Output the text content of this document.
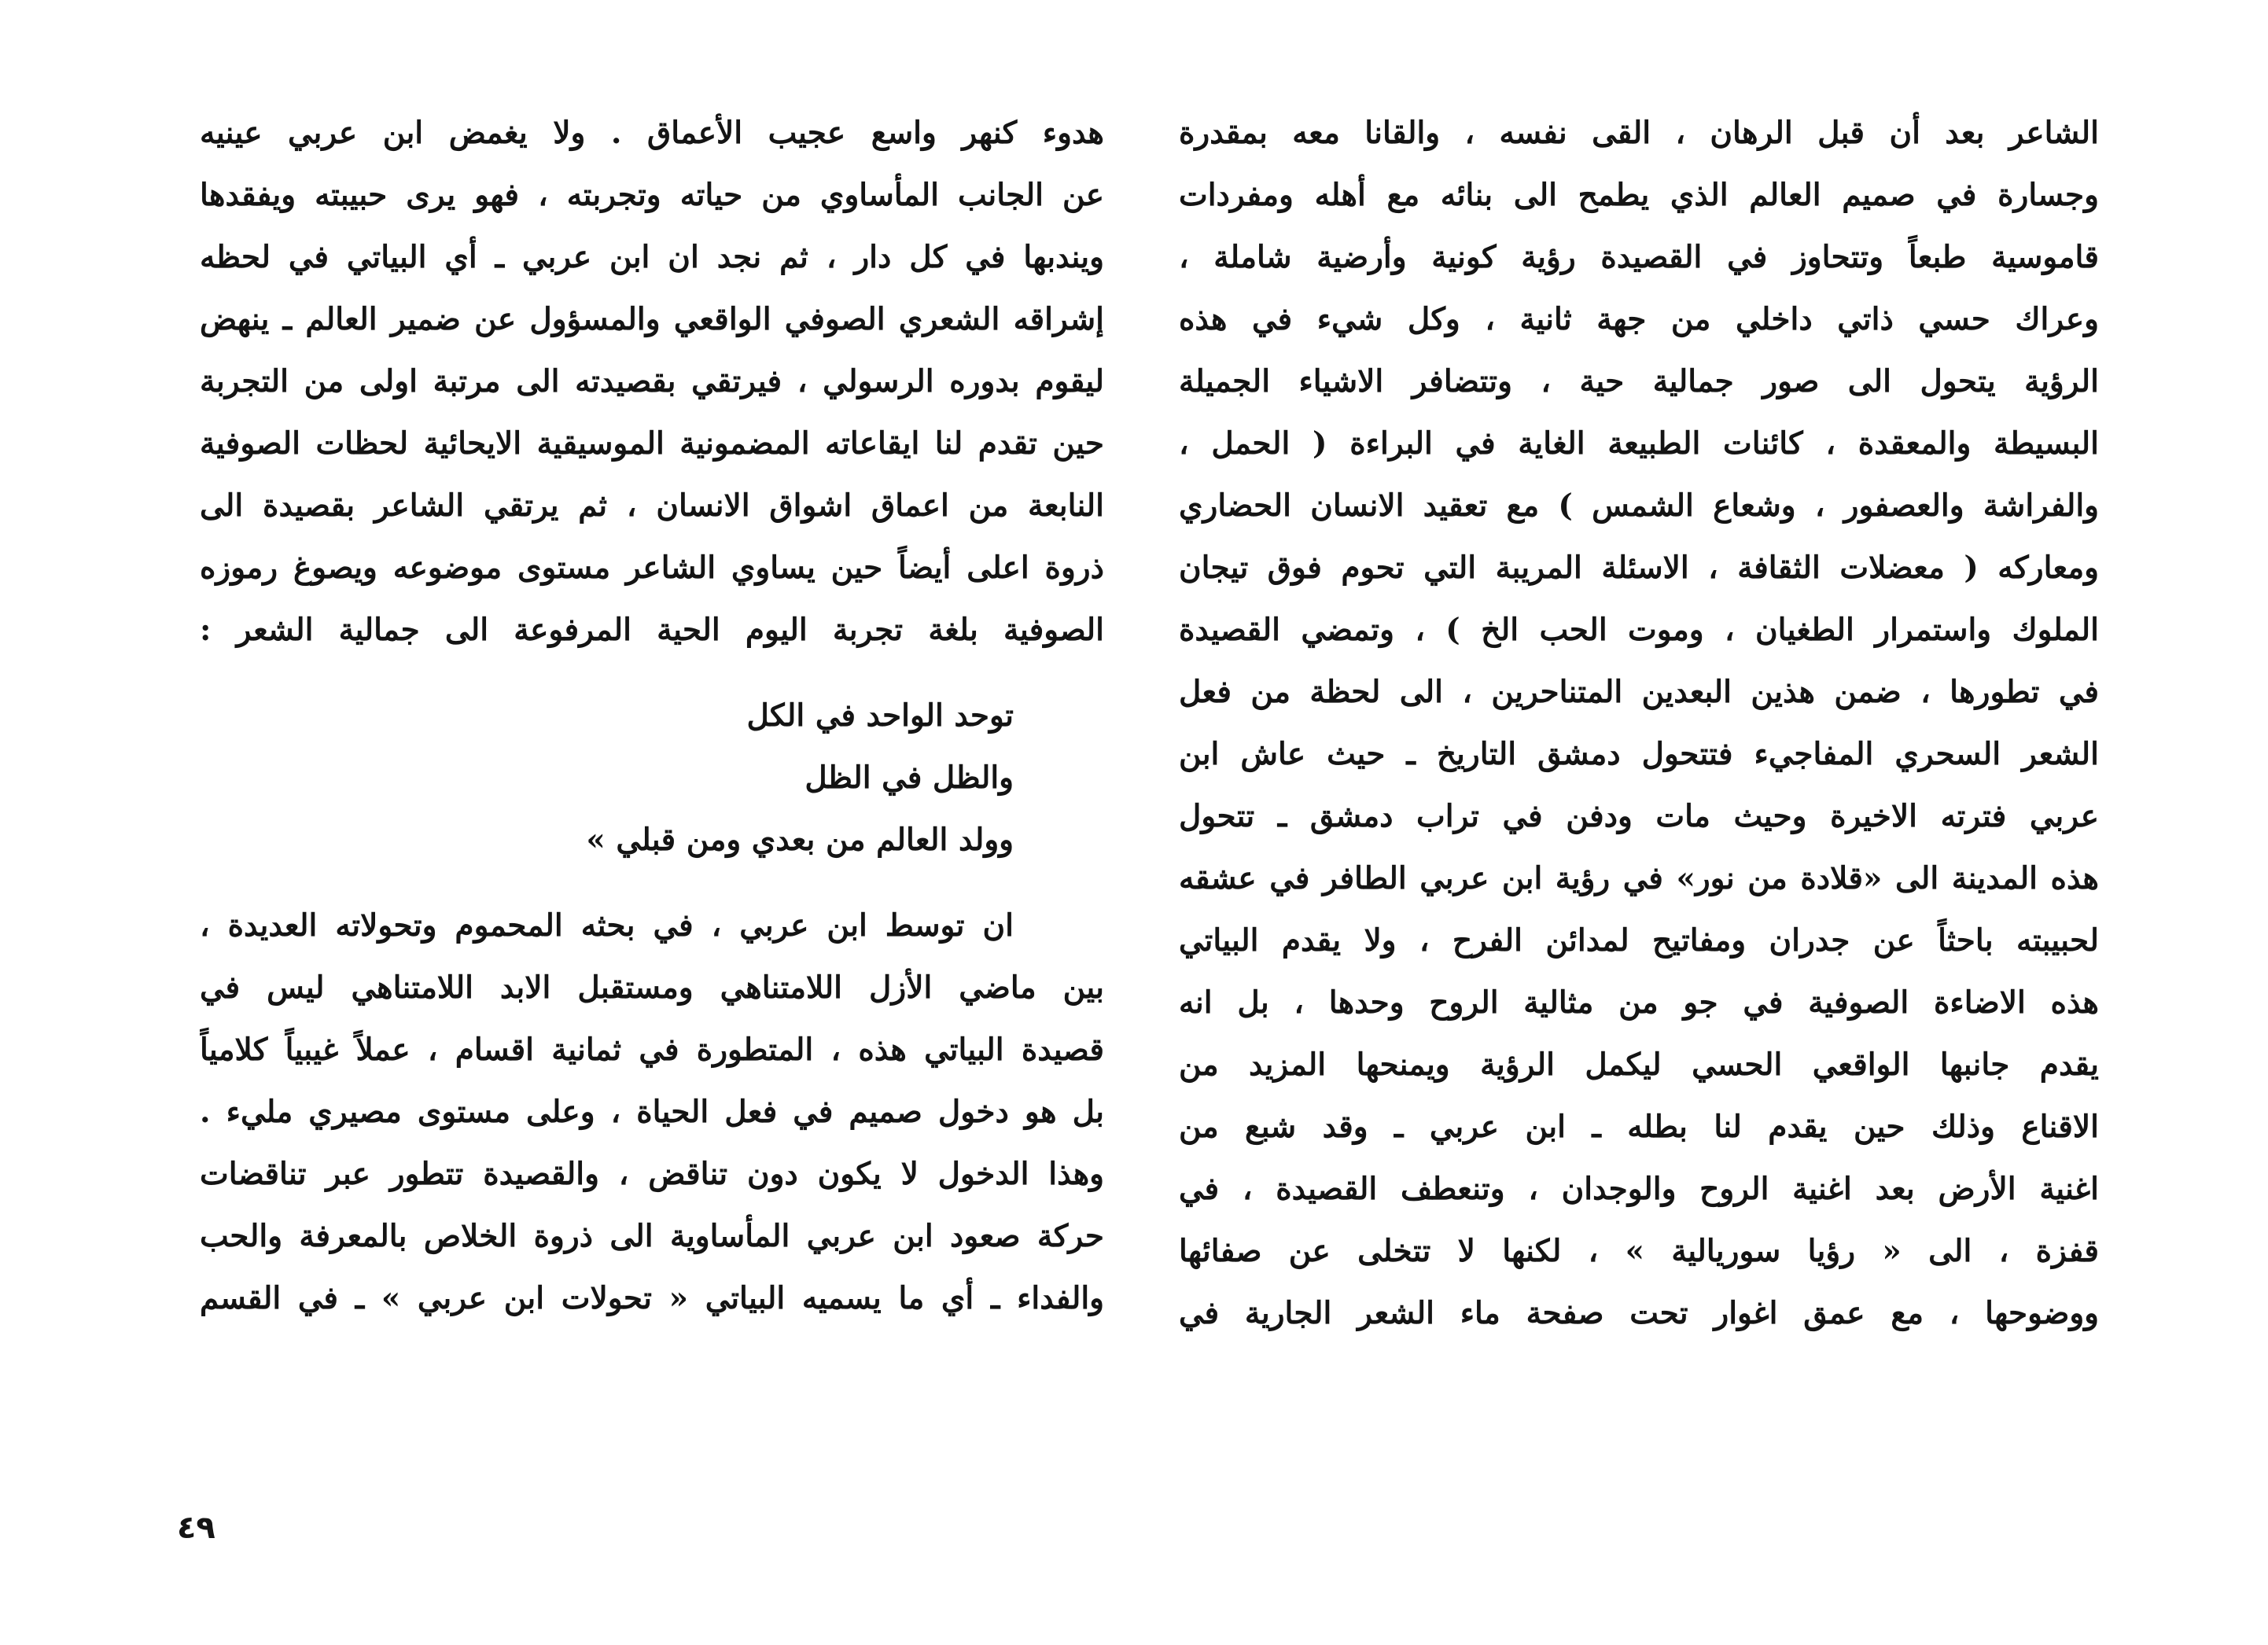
الشاعر بعد أن قبل الرهان ، القى نفسه ، والقانا معه بمقدرة
وجسارة في صميم العالم الذي يطمح الى بنائه مع أهله ومفردات
قاموسية طبعاً وتتحاوز في القصيدة رؤية كونية وأرضية شاملة ،
وعراك حسي ذاتي داخلي من جهة ثانية ، وكل شيء في هذه
الرؤية يتحول الى صور جمالية حية ، وتتضافر الاشياء الجميلة
البسيطة والمعقدة ، كائنات الطبيعة الغاية في البراءة ( الحمل ،
والفراشة والعصفور ، وشعاع الشمس ) مع تعقيد الانسان الحضاري
ومعاركه ( معضلات الثقافة ، الاسئلة المريبة التي تحوم فوق تيجان
الملوك واستمرار الطغيان ، وموت الحب الخ ) ، وتمضي القصيدة
في تطورها ، ضمن هذين البعدين المتناحرين ، الى لحظة من فعل
الشعر السحري المفاجيء فتتحول دمشق التاريخ ـ حيث عاش ابن
عربي فترته الاخيرة وحيث مات ودفن في تراب دمشق ـ تتحول
هذه المدينة الى «قلادة من نور» في رؤية ابن عربي الطافر في عشقه
لحبيبته باحثاً عن جدران ومفاتيح لمدائن الفرح ، ولا يقدم البياتي
هذه الاضاءة الصوفية في جو من مثالية الروح وحدها ، بل انه
يقدم جانبها الواقعي الحسي ليكمل الرؤية ويمنحها المزيد من
الاقناع وذلك حين يقدم لنا بطله ـ ابن عربي ـ وقد شبع من
اغنية الأرض بعد اغنية الروح والوجدان ، وتنعطف القصيدة ، في
قفزة ، الى « رؤيا سوريالية » ، لكنها لا تتخلى عن صفائها
ووضوحها ، مع عمق اغوار تحت صفحة ماء الشعر الجارية في
هدوء كنهر واسع عجيب الأعماق . ولا يغمض ابن عربي عينيه
عن الجانب المأساوي من حياته وتجربته ، فهو يرى حبيبته ويفقدها
ويندبها في كل دار ، ثم نجد ان ابن عربي ـ أي البياتي في لحظه
إشراقه الشعري الصوفي الواقعي والمسؤول عن ضمير العالم ـ ينهض
ليقوم بدوره الرسولي ، فيرتقي بقصيدته الى مرتبة اولى من التجربة
حين تقدم لنا ايقاعاته المضمونية الموسيقية الايحائية لحظات الصوفية
النابعة من اعماق اشواق الانسان ، ثم يرتقي الشاعر بقصيدة الى
ذروة اعلى أيضاً حين يساوي الشاعر مستوى موضوعه ويصوغ رموزه
الصوفية بلغة تجربة اليوم الحية المرفوعة الى جمالية الشعر :
توحد الواحد في الكل
والظل في الظل
وولد العالم من بعدي ومن قبلي »
ان توسط ابن عربي ، في بحثه المحموم وتحولاته العديدة ،
بين ماضي الأزل اللامتناهي ومستقبل الابد اللامتناهي ليس في
قصيدة البياتي هذه ، المتطورة في ثمانية اقسام ، عملاً غيبياً كلامياً
بل هو دخول صميم في فعل الحياة ، وعلى مستوى مصيري مليء .
وهذا الدخول لا يكون دون تناقض ، والقصيدة تتطور عبر تناقضات
حركة صعود ابن عربي المأساوية الى ذروة الخلاص بالمعرفة والحب
والفداء ـ أي ما يسميه البياتي « تحولات ابن عربي » ـ في القسم
٤٩
